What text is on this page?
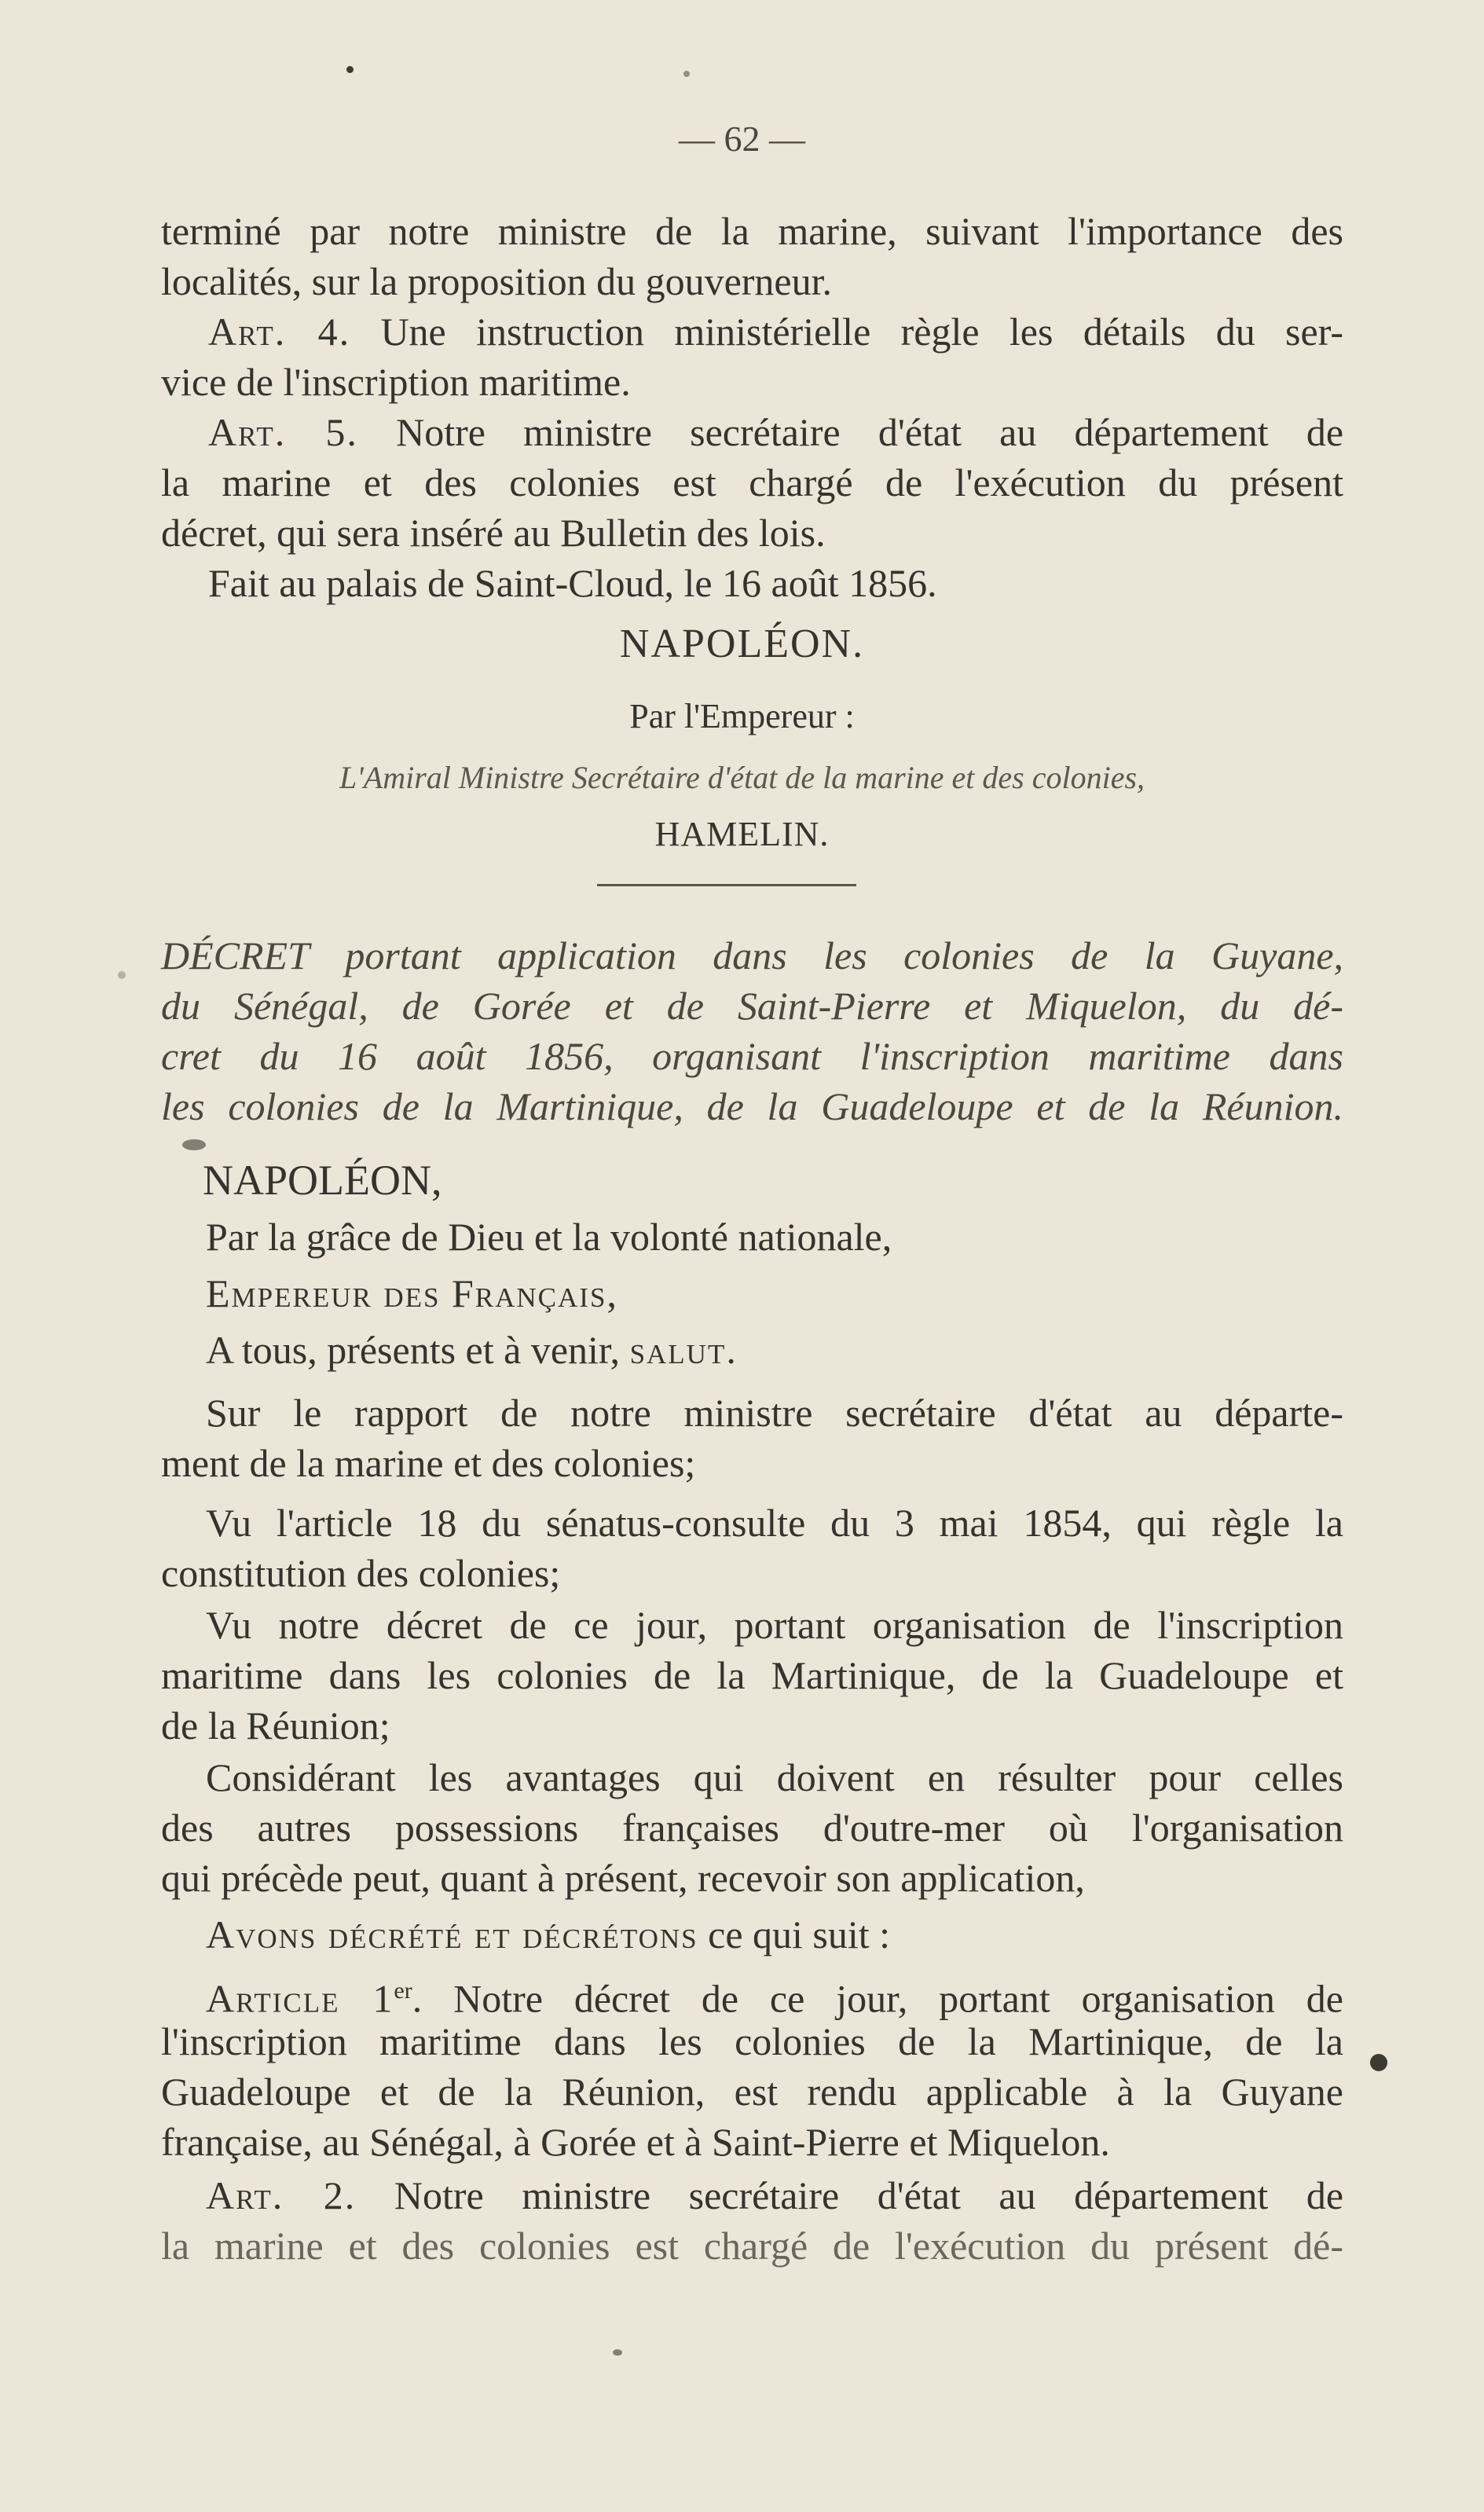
— 62 —
terminé par notre ministre de la marine, suivant l'importance des
localités, sur la proposition du gouverneur.
Art. 4. Une instruction ministérielle règle les détails du ser-
vice de l'inscription maritime.
Art. 5. Notre ministre secrétaire d'état au département de
la marine et des colonies est chargé de l'exécution du présent
décret, qui sera inséré au Bulletin des lois.
Fait au palais de Saint-Cloud, le 16 août 1856.
NAPOLÉON.
Par l'Empereur :
L'Amiral Ministre Secrétaire d'état de la marine et des colonies,
HAMELIN.
DÉCRET portant application dans les colonies de la Guyane,
du Sénégal, de Gorée et de Saint-Pierre et Miquelon, du dé-
cret du 16 août 1856, organisant l'inscription maritime dans
les colonies de la Martinique, de la Guadeloupe et de la Réunion.
NAPOLÉON,
Par la grâce de Dieu et la volonté nationale,
Empereur des Français,
A tous, présents et à venir, salut.
Sur le rapport de notre ministre secrétaire d'état au départe-
ment de la marine et des colonies;
Vu l'article 18 du sénatus-consulte du 3 mai 1854, qui règle la
constitution des colonies;
Vu notre décret de ce jour, portant organisation de l'inscription
maritime dans les colonies de la Martinique, de la Guadeloupe et
de la Réunion;
Considérant les avantages qui doivent en résulter pour celles
des autres possessions françaises d'outre-mer où l'organisation
qui précède peut, quant à présent, recevoir son application,
Avons décrété et décrétons ce qui suit :
Article 1er. Notre décret de ce jour, portant organisation de
l'inscription maritime dans les colonies de la Martinique, de la
Guadeloupe et de la Réunion, est rendu applicable à la Guyane
française, au Sénégal, à Gorée et à Saint-Pierre et Miquelon.
Art. 2. Notre ministre secrétaire d'état au département de
la marine et des colonies est chargé de l'exécution du présent dé-
